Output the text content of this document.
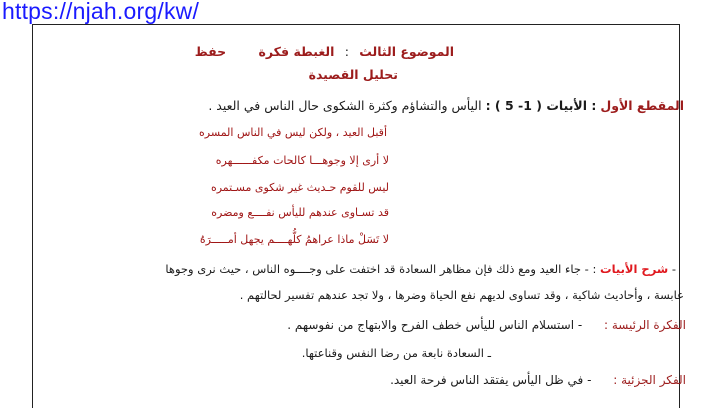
https://njah.org/kw/
الموضوع الثالث : الغبطة فكرة حفظ
تحليل القصيدة
المقطع الأول : الأبيات ( 1- 5 ) : اليأس والتشاؤم وكثرة الشكوى حال الناس في العيد .
أقبل العيد ، ولكن ليس في الناس المسره
لا أرى إلا وجوهـــا كالحات مكفــــــهره
ليس للقوم حـديث غير شكوى مسـتمره
قد تسـاوى عندهم لليأس نفــــع ومضره
لا تَسَلْ ماذا عراهمُ كلُّهــــم يجهل أمـــــرَهُ
- شرح الأبيات : - جاء العيد ومع ذلك فإن مظاهر السعادة قد اختفت على وجــــوه الناس ، حيث نرى وجوها
عابسة ، وأحاديث شاكية ، وقد تساوى لديهم نفع الحياة وضرها ، ولا تجد عندهم تفسير لحالتهم .
الفكرة الرئيسة : - استسلام الناس لليأس خطف الفرح والابتهاج من نفوسهم .
ـ السعادة نابعة من رضا النفس وقناعتها.
الفكر الجزئية : - في ظل اليأس يفتقد الناس فرحة العيد.
